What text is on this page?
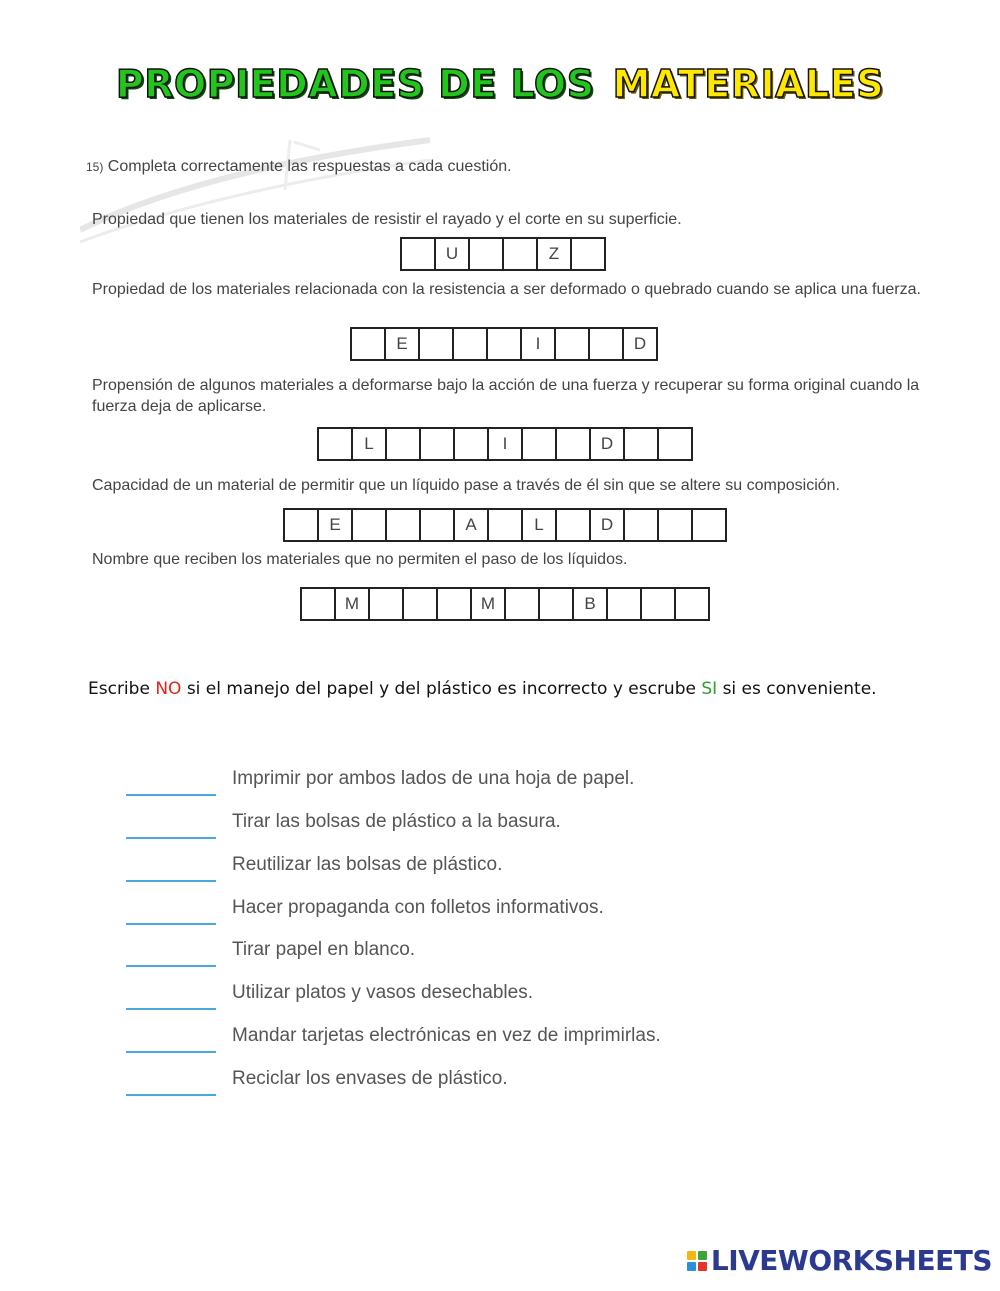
PROPIEDADES DE LOS MATERIALES
15) Completa correctamente las respuestas a cada cuestión.
Propiedad que tienen los materiales de resistir el rayado y el corte en su superficie.
U	Z
Propiedad de los materiales relacionada con la resistencia a ser deformado o quebrado cuando se aplica una fuerza.
E	I	D
Propensión de algunos materiales a deformarse bajo la acción de una fuerza y recuperar su forma original cuando la fuerza deja de aplicarse.
L	I	D
Capacidad de un material de permitir que un líquido pase a través de él sin que se altere su composición.
E	A	L	D
Nombre que reciben los materiales que no permiten el paso de los líquidos.
M	M	B
Escribe NO si el manejo del papel y del plástico es incorrecto y escrube SI si es conveniente.
Imprimir por ambos lados de una hoja de papel.
Tirar las bolsas de plástico a la basura.
Reutilizar las bolsas de plástico.
Hacer propaganda con folletos informativos.
Tirar papel en blanco.
Utilizar platos y vasos desechables.
Mandar tarjetas electrónicas en vez de imprimirlas.
Reciclar los envases de plástico.
LIVEWORKSHEETS
